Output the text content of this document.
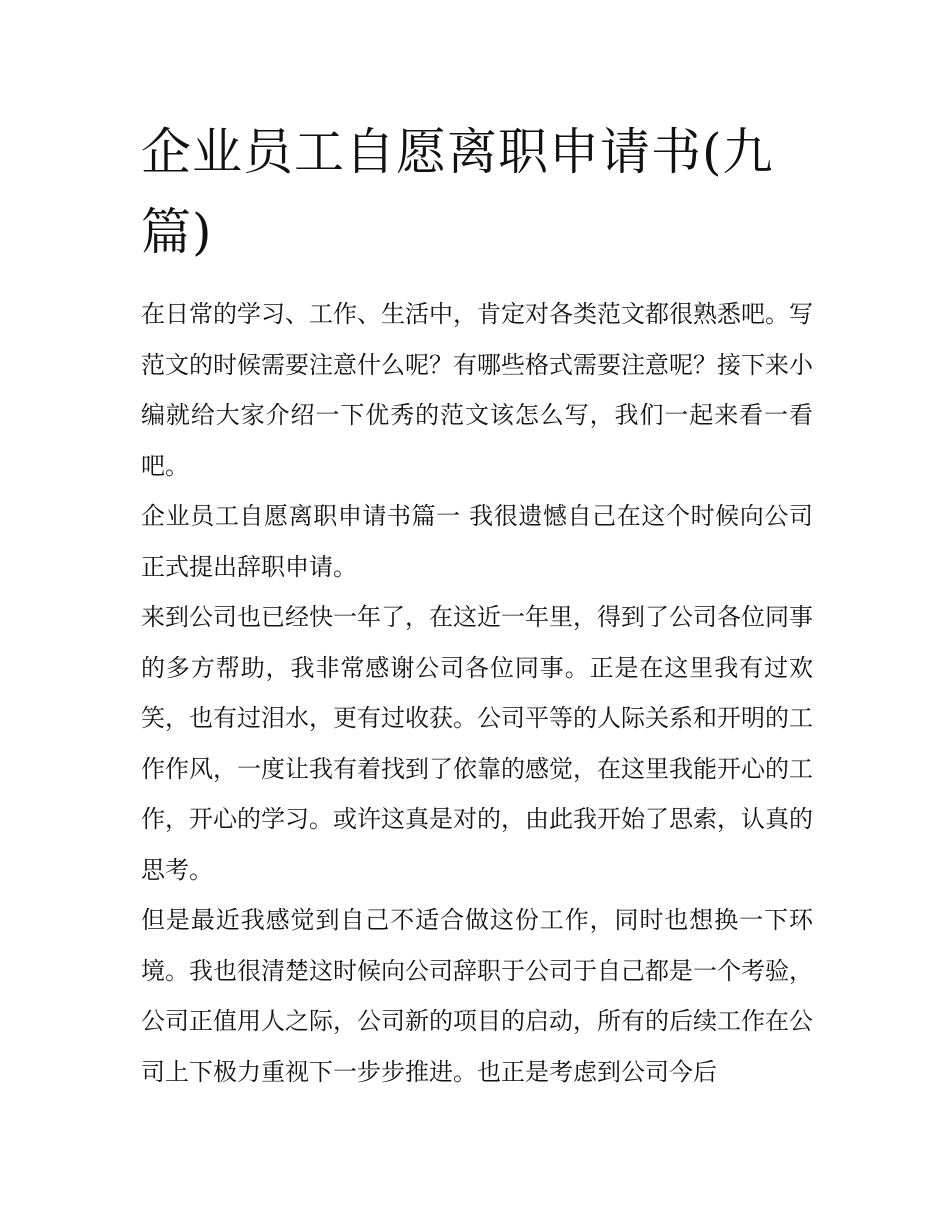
企业员工自愿离职申请书(九篇)

在日常的学习、工作、生活中，肯定对各类范文都很熟悉吧。写范文的时候需要注意什么呢？有哪些格式需要注意呢？接下来小编就给大家介绍一下优秀的范文该怎么写，我们一起来看一看吧。

企业员工自愿离职申请书篇一 我很遗憾自己在这个时候向公司正式提出辞职申请。

来到公司也已经快一年了，在这近一年里，得到了公司各位同事的多方帮助，我非常感谢公司各位同事。正是在这里我有过欢笑，也有过泪水，更有过收获。公司平等的人际关系和开明的工作作风，一度让我有着找到了依靠的感觉，在这里我能开心的工作，开心的学习。或许这真是对的，由此我开始了思索，认真的思考。

但是最近我感觉到自己不适合做这份工作，同时也想换一下环境。我也很清楚这时候向公司辞职于公司于自己都是一个考验，公司正值用人之际，公司新的项目的启动，所有的后续工作在公司上下极力重视下一步步推进。也正是考虑到公司今后
